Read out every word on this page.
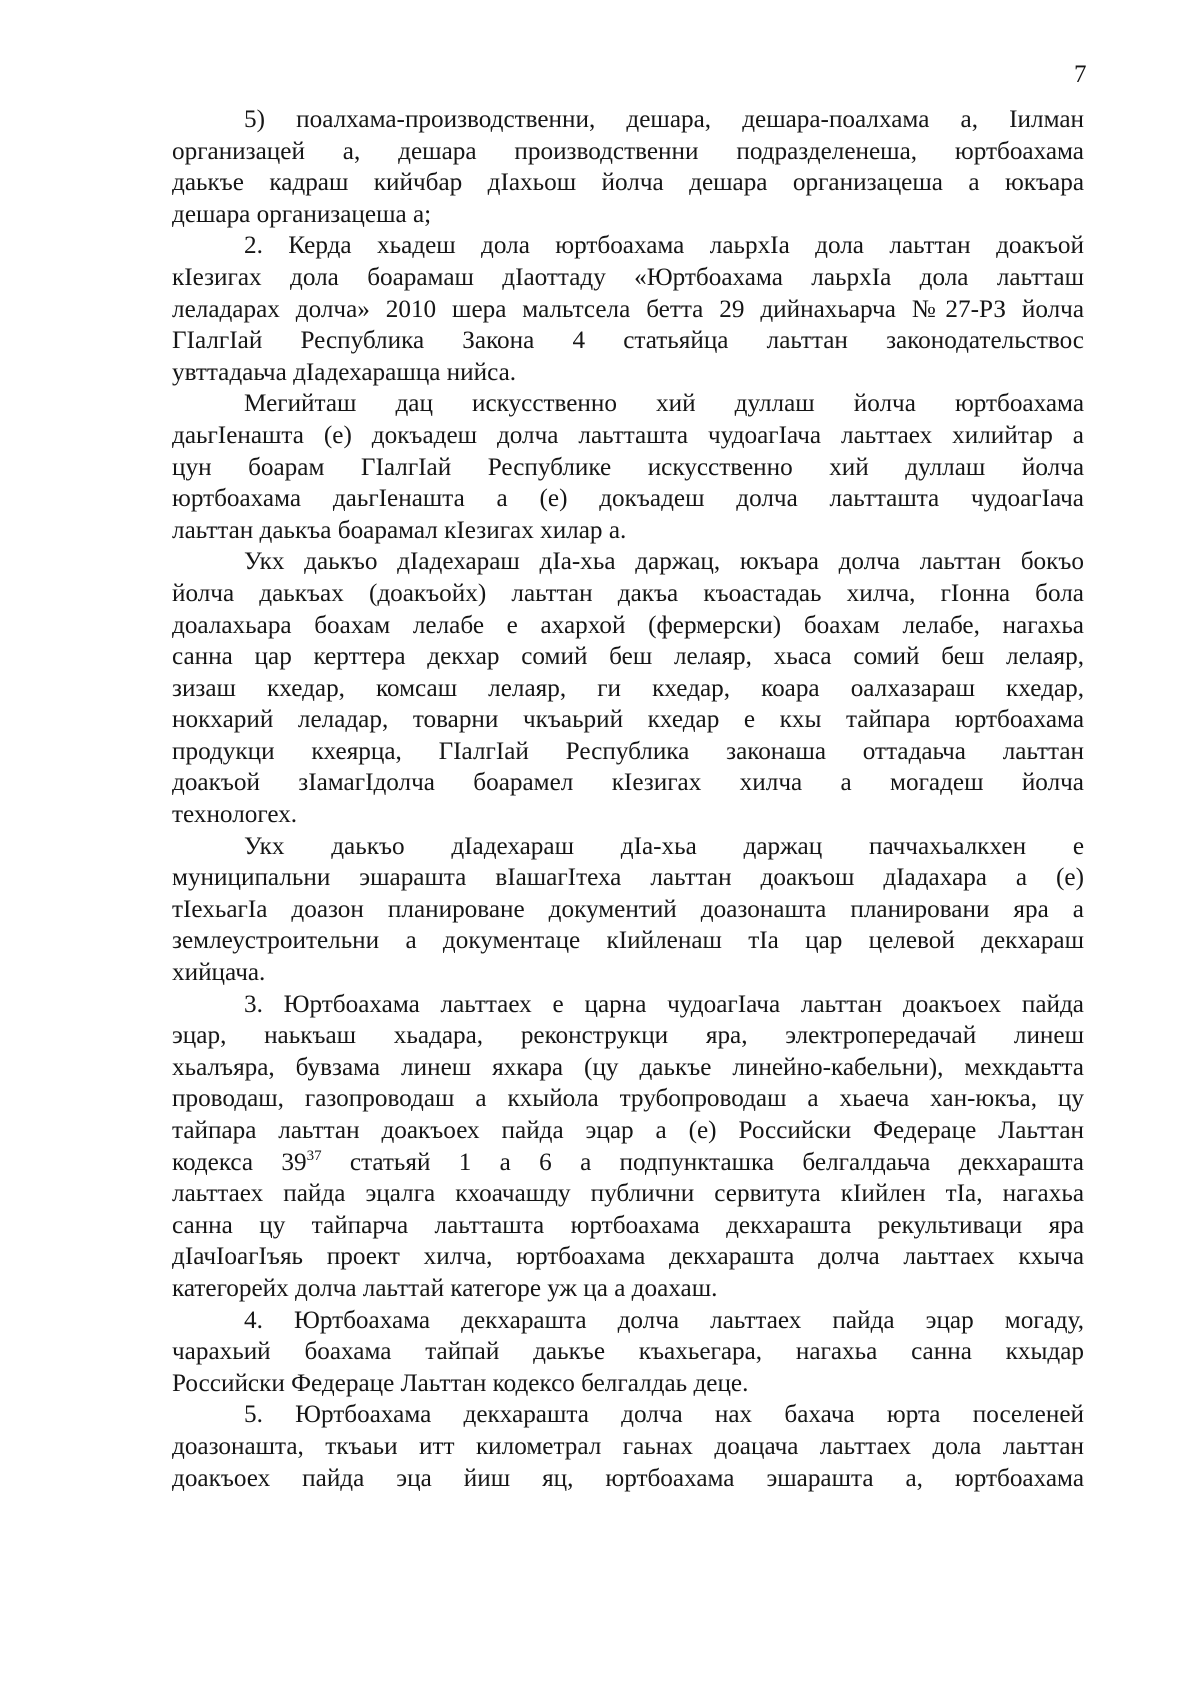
7
5) поалхама-производственни, дешара, дешара-поалхама а, Iилман
организацей а, дешара производственни подразделенеша, юртбоахама
даькъе кадраш кийчбар дIахьош йолча дешара организацеша а юкъара
дешара организацеша а;
2. Керда хьадеш дола юртбоахама лаьрхIа дола лаьттан доакъой
кIезигах дола боарамаш дIаоттаду «Юртбоахама лаьрхIа дола лаьтташ
леладарах долча» 2010 шера мальтсела бетта 29 дийнахьарча №27-РЗ йолча
ГIалгIай Республика Закона 4 статьяйца лаьттан законодательствос
увттадаьча дIадехарашца нийса.
Мегийташ дац искусственно хий дуллаш йолча юртбоахама
даьгIенашта (е) докъадеш долча лаьтташта чудоагIача лаьттаех хилийтар а
цун боарам ГIалгIай Республике искусственно хий дуллаш йолча
юртбоахама даьгIенашта а (е) докъадеш долча лаьтташта чудоагIача
лаьттан даькъа боарамал кIезигах хилар а.
Укх даькъо дIадехараш дIа-хьа даржац, юкъара долча лаьттан бокъо
йолча даькъах (доакъойх) лаьттан дакъа къоастадаь хилча, гIонна бола
доалахьара боахам лелабе е ахархой (фермерски) боахам лелабе, нагахьа
санна цар керттера декхар сомий беш лелаяр, хьаса сомий беш лелаяр,
зизаш кхедар, комсаш лелаяр, ги кхедар, коара оалхазараш кхедар,
нокхарий леладар, товарни чкъаьрий кхедар е кхы тайпара юртбоахама
продукци кхеярца, ГIалгIай Республика законаша оттадаьча лаьттан
доакъой зIамагIдолча боарамел кIезигах хилча а могадеш йолча
технологех.
Укх даькъо дIадехараш дIа-хьа даржац паччахьалкхен е
муниципальни эшарашта вIашагIтеха лаьттан доакъош дIадахара а (е)
тIехьагIа доазон планироване документий доазонашта планировани яра а
землеустроительни а документаце кIийленаш тIа цар целевой декхараш
хийцача.
3. Юртбоахама лаьттаех е царна чудоагIача лаьттан доакъоех пайда
эцар, наькъаш хьадара, реконструкци яра, электропередачай линеш
хьалъяра, бувзама линеш яхкара (цу даькъе линейно-кабельни), мехкдаьтта
проводаш, газопроводаш а кхыйола трубопроводаш а хьаеча хан-юкъа, цу
тайпара лаьттан доакъоех пайда эцар а (е) Российски Федераце Лаьттан
кодекса $39^{37}$ статьяй 1 а 6 а подпункташка белгалдаьча декхарашта
лаьттаех пайда эцалга кхоачашду публични сервитута кIийлен тIа, нагахьа
санна цу тайпарча лаьтташта юртбоахама декхарашта рекультиваци яра
дIачIоагIъяь проект хилча, юртбоахама декхарашта долча лаьттаех кхыча
категорейх долча лаьттай категоре уж ца а доахаш.
4. Юртбоахама декхарашта долча лаьттаех пайда эцар могаду,
чарахьий боахама тайпай даькъе къахьегара, нагахьа санна кхыдар
Российски Федераце Лаьттан кодексо белгалдаь деце.
5. Юртбоахама декхарашта долча нах бахача юрта поселеней
доазонашта, ткъаьи итт километрал гаьнах доацача лаьттаех дола лаьттан
доакъоех пайда эца йиш яц, юртбоахама эшарашта а, юртбоахама
